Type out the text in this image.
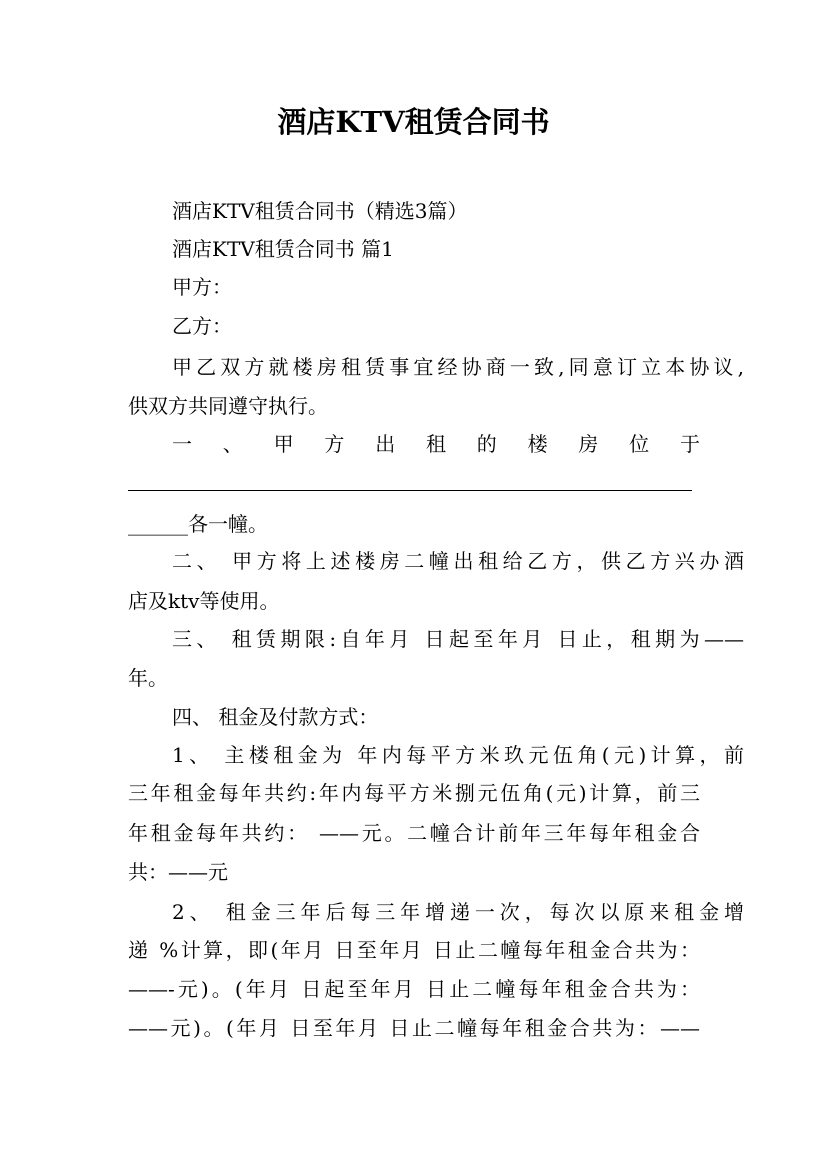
酒店KTV租赁合同书
酒店KTV租赁合同书（精选3篇）
酒店KTV租赁合同书 篇1
甲方：
乙方：
甲乙双方就楼房租赁事宜经协商一致,同意订立本协议,
供双方共同遵守执行。
一 、 甲 方 出 租 的 楼 房 位 于
______各一幢。
二、 甲方将上述楼房二幢出租给乙方，供乙方兴办酒
店及ktv等使用。
三、 租赁期限:自年月 日起至年月 日止，租期为——
年。
四、 租金及付款方式：
1、 主楼租金为 年内每平方米玖元伍角(元)计算，前
三年租金每年共约:年内每平方米捌元伍角(元)计算，前三
年租金每年共约： ——元。二幢合计前年三年每年租金合
共：——元
2、 租金三年后每三年增递一次，每次以原来租金增
递 %计算，即(年月 日至年月 日止二幢每年租金合共为：
——-元)。(年月 日起至年月 日止二幢每年租金合共为：
——元)。(年月 日至年月 日止二幢每年租金合共为：——
